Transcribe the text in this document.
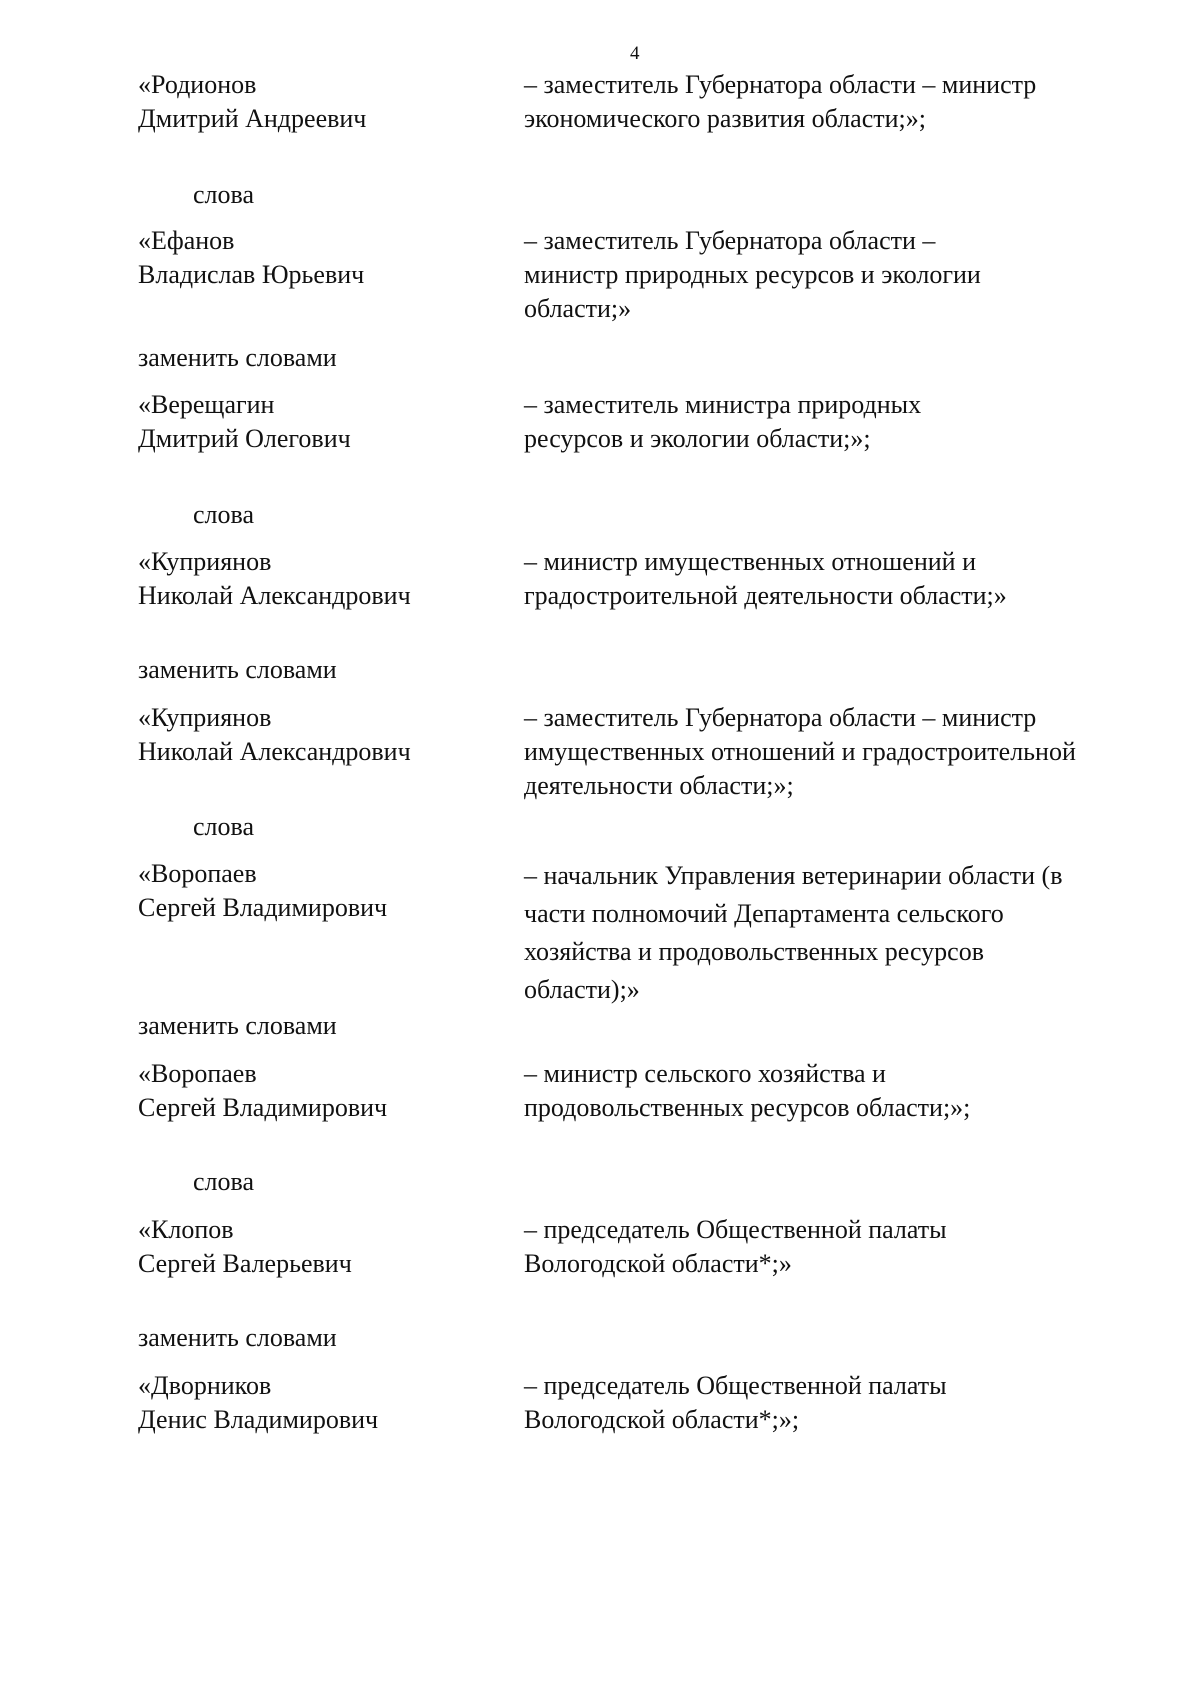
4
«Родионов
Дмитрий Андреевич
– заместитель Губернатора области – министр
экономического развития области;»;
слова
«Ефанов
Владислав Юрьевич
– заместитель Губернатора области –
министр природных ресурсов и экологии
области;»
заменить словами
«Верещагин
Дмитрий Олегович
– заместитель министра природных
ресурсов и экологии области;»;
слова
«Куприянов
Николай Александрович
– министр имущественных отношений и
градостроительной деятельности области;»
заменить словами
«Куприянов
Николай Александрович
– заместитель Губернатора области – министр
имущественных отношений и градостроительной
деятельности области;»;
слова
«Воропаев
Сергей Владимирович
– начальник Управления ветеринарии области (в
части полномочий Департамента сельского
хозяйства и продовольственных ресурсов
области);»
заменить словами
«Воропаев
Сергей Владимирович
– министр сельского хозяйства и
продовольственных ресурсов области;»;
слова
«Клопов
Сергей Валерьевич
– председатель Общественной палаты
Вологодской области*;»
заменить словами
«Дворников
Денис Владимирович
– председатель Общественной палаты
Вологодской области*;»;
